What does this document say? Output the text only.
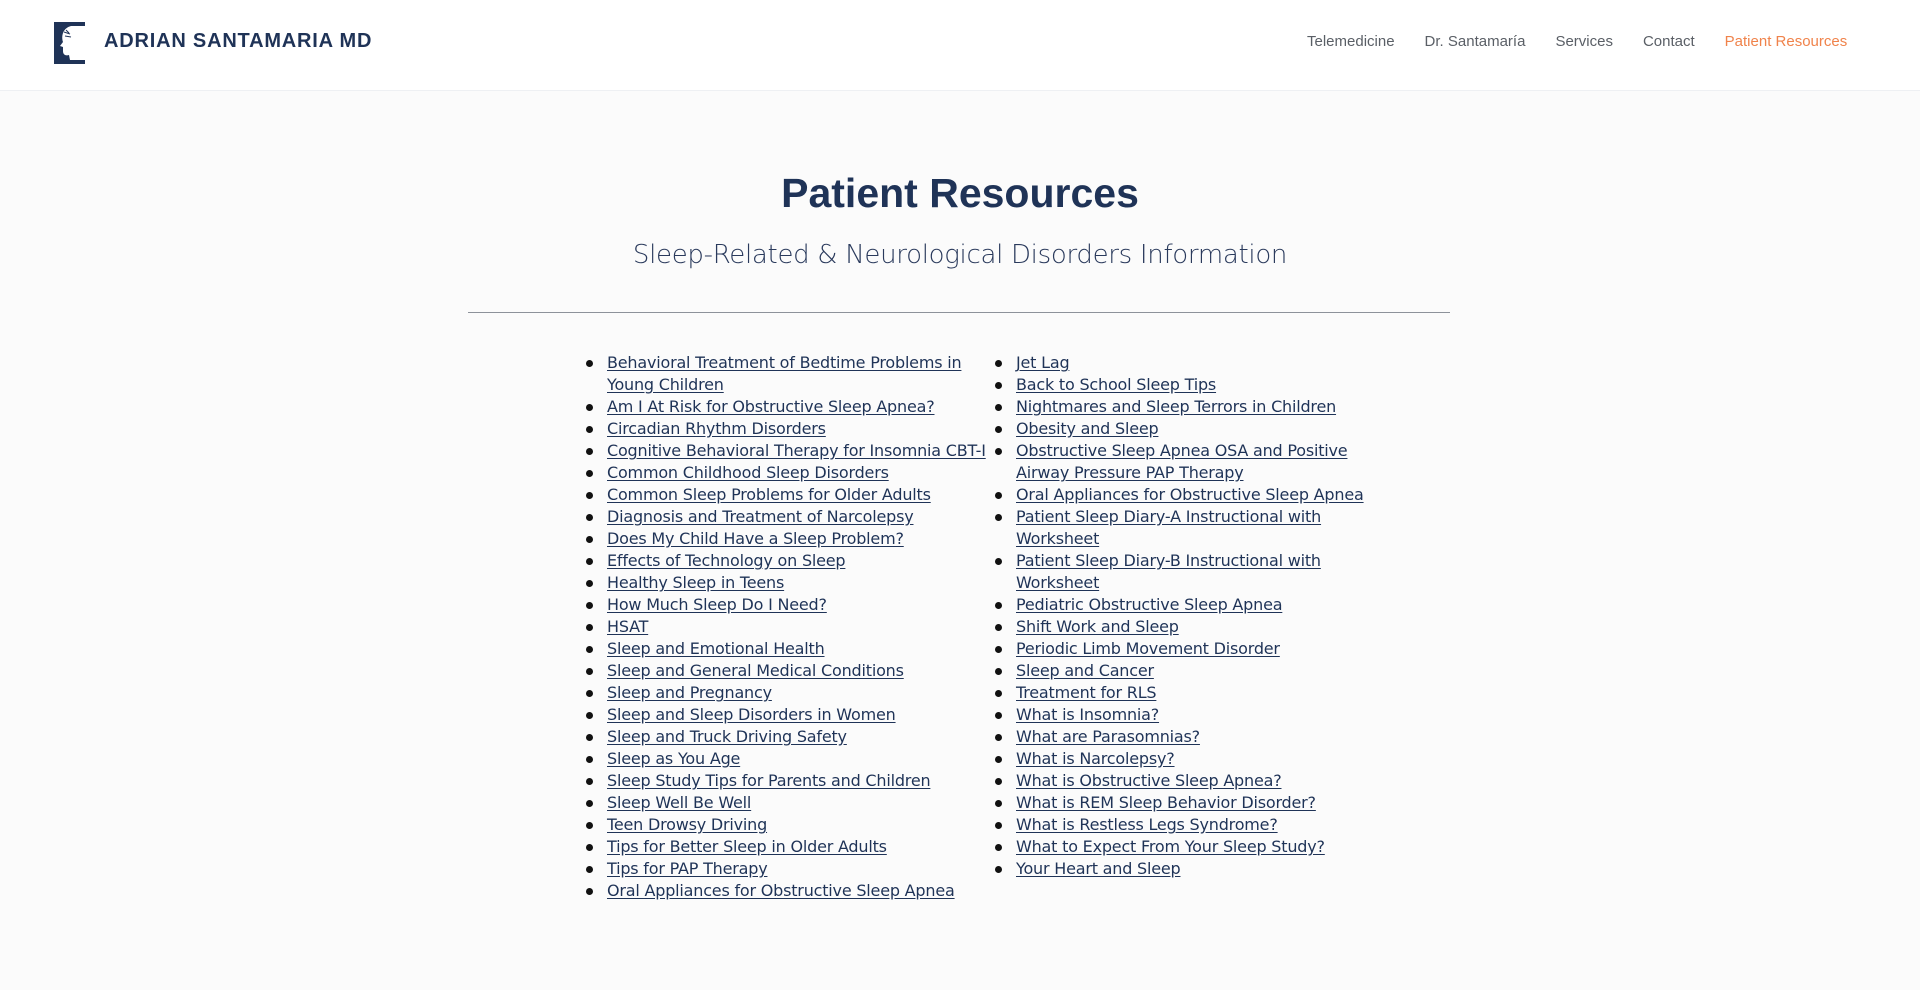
ADRIAN SANTAMARIA MD	Telemedicine Dr. Santamaría Services Contact Patient Resources
Patient Resources
Sleep-Related & Neurological Disorders Information
Behavioral Treatment of Bedtime Problems in Young Children
Am I At Risk for Obstructive Sleep Apnea?
Circadian Rhythm Disorders
Cognitive Behavioral Therapy for Insomnia CBT-I
Common Childhood Sleep Disorders
Common Sleep Problems for Older Adults
Diagnosis and Treatment of Narcolepsy
Does My Child Have a Sleep Problem?
Effects of Technology on Sleep
Healthy Sleep in Teens
How Much Sleep Do I Need?
HSAT
Sleep and Emotional Health
Sleep and General Medical Conditions
Sleep and Pregnancy
Sleep and Sleep Disorders in Women
Sleep and Truck Driving Safety
Sleep as You Age
Sleep Study Tips for Parents and Children
Sleep Well Be Well
Teen Drowsy Driving
Tips for Better Sleep in Older Adults
Tips for PAP Therapy
Oral Appliances for Obstructive Sleep Apnea
Jet Lag
Back to School Sleep Tips
Nightmares and Sleep Terrors in Children
Obesity and Sleep
Obstructive Sleep Apnea OSA and Positive Airway Pressure PAP Therapy
Oral Appliances for Obstructive Sleep Apnea
Patient Sleep Diary-A Instructional with Worksheet
Patient Sleep Diary-B Instructional with Worksheet
Pediatric Obstructive Sleep Apnea
Shift Work and Sleep
Periodic Limb Movement Disorder
Sleep and Cancer
Treatment for RLS
What is Insomnia?
What are Parasomnias?
What is Narcolepsy?
What is Obstructive Sleep Apnea?
What is REM Sleep Behavior Disorder?
What is Restless Legs Syndrome?
What to Expect From Your Sleep Study?
Your Heart and Sleep
